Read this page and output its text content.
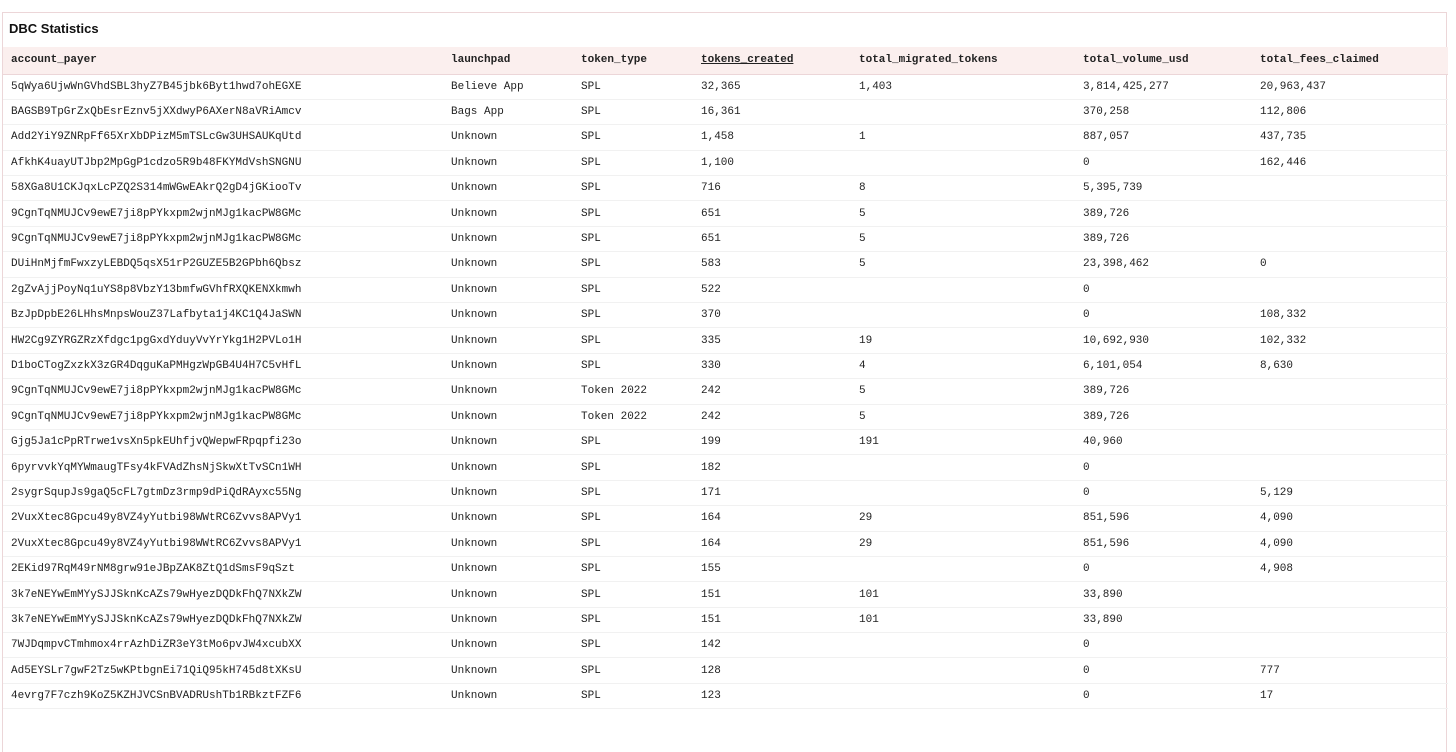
DBC Statistics
account_payer	launchpad	token_type	tokens_created	total_migrated_tokens	total_volume_usd	total_fees_claimed
5qWya6UjwWnGVhdSBL3hyZ7B45jbk6Byt1hwd7ohEGXE	Believe App	SPL	32,365	1,403	3,814,425,277	20,963,437
BAGSB9TpGrZxQbEsrEznv5jXXdwyP6AXerN8aVRiAmcv	Bags App	SPL	16,361		370,258	112,806
Add2YiY9ZNRpFf65XrXbDPizM5mTSLcGw3UHSAUKqUtd	Unknown	SPL	1,458	1	887,057	437,735
AfkhK4uayUTJbp2MpGgP1cdzo5R9b48FKYMdVshSNGNU	Unknown	SPL	1,100		0	162,446
58XGa8U1CKJqxLcPZQ2S314mWGwEAkrQ2gD4jGKiooTv	Unknown	SPL	716	8	5,395,739	
9CgnTqNMUJCv9ewE7ji8pPYkxpm2wjnMJg1kacPW8GMc	Unknown	SPL	651	5	389,726	
9CgnTqNMUJCv9ewE7ji8pPYkxpm2wjnMJg1kacPW8GMc	Unknown	SPL	651	5	389,726	
DUiHnMjfmFwxzyLEBDQ5qsX51rP2GUZE5B2GPbh6Qbsz	Unknown	SPL	583	5	23,398,462	0
2gZvAjjPoyNq1uYS8p8VbzY13bmfwGVhfRXQKENXkmwh	Unknown	SPL	522		0	
BzJpDpbE26LHhsMnpsWouZ37Lafbyta1j4KC1Q4JaSWN	Unknown	SPL	370		0	108,332
HW2Cg9ZYRGZRzXfdgc1pgGxdYduyVvYrYkg1H2PVLo1H	Unknown	SPL	335	19	10,692,930	102,332
D1boCTogZxzkX3zGR4DqguKaPMHgzWpGB4U4H7C5vHfL	Unknown	SPL	330	4	6,101,054	8,630
9CgnTqNMUJCv9ewE7ji8pPYkxpm2wjnMJg1kacPW8GMc	Unknown	Token 2022	242	5	389,726	
9CgnTqNMUJCv9ewE7ji8pPYkxpm2wjnMJg1kacPW8GMc	Unknown	Token 2022	242	5	389,726	
Gjg5Ja1cPpRTrwe1vsXn5pkEUhfjvQWepwFRpqpfi23o	Unknown	SPL	199	191	40,960	
6pyrvvkYqMYWmaugTFsy4kFVAdZhsNjSkwXtTvSCn1WH	Unknown	SPL	182		0	
2sygrSqupJs9gaQ5cFL7gtmDz3rmp9dPiQdRAyxc55Ng	Unknown	SPL	171		0	5,129
2VuxXtec8Gpcu49y8VZ4yYutbi98WWtRC6Zvvs8APVy1	Unknown	SPL	164	29	851,596	4,090
2VuxXtec8Gpcu49y8VZ4yYutbi98WWtRC6Zvvs8APVy1	Unknown	SPL	164	29	851,596	4,090
2EKid97RqM49rNM8grw91eJBpZAK8ZtQ1dSmsF9qSzt	Unknown	SPL	155		0	4,908
3k7eNEYwEmMYySJJSknKcAZs79wHyezDQDkFhQ7NXkZW	Unknown	SPL	151	101	33,890	
3k7eNEYwEmMYySJJSknKcAZs79wHyezDQDkFhQ7NXkZW	Unknown	SPL	151	101	33,890	
7WJDqmpvCTmhmox4rrAzhDiZR3eY3tMo6pvJW4xcubXX	Unknown	SPL	142		0	
Ad5EYSLr7gwF2Tz5wKPtbgnEi71QiQ95kH745d8tXKsU	Unknown	SPL	128		0	777
4evrg7F7czh9KoZ5KZHJVCSnBVADRUshTb1RBkztFZF6	Unknown	SPL	123		0	17
